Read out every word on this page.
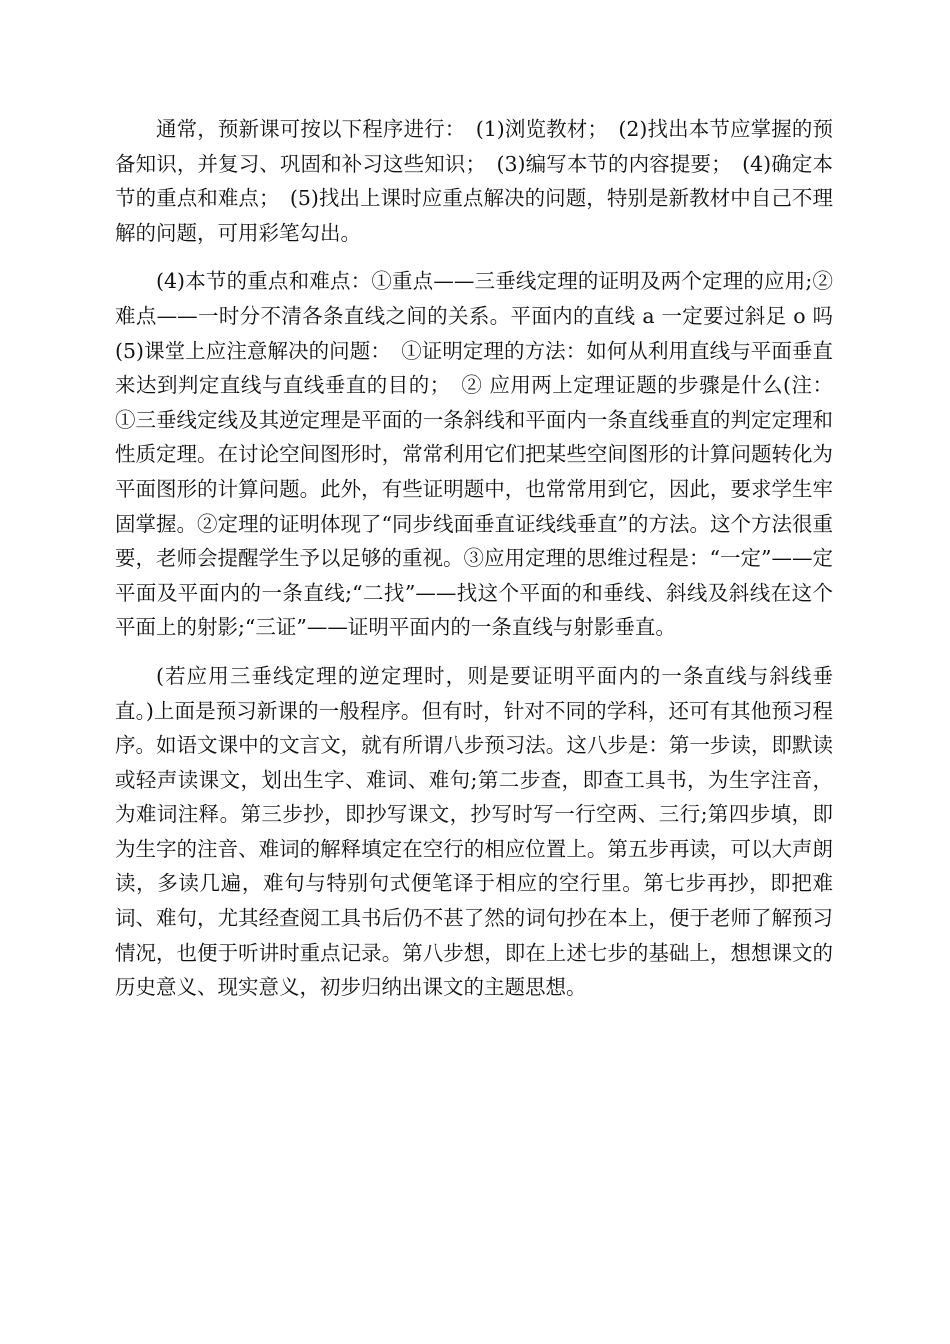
通常，预新课可按以下程序进行：　(1)浏览教材；　(2)找出本节应掌握的预备知识，并复习、巩固和补习这些知识；　(3)编写本节的内容提要；　(4)确定本节的重点和难点；　(5)找出上课时应重点解决的问题，特别是新教材中自己不理解的问题，可用彩笔勾出。

(4)本节的重点和难点：①重点——三垂线定理的证明及两个定理的应用;② 难点——一时分不清各条直线之间的关系。平面内的直线 a 一定要过斜足 o 吗(5)课堂上应注意解决的问题：　①证明定理的方法：如何从利用直线与平面垂直来达到判定直线与直线垂直的目的；　② 应用两上定理证题的步骤是什么(注：①三垂线定线及其逆定理是平面的一条斜线和平面内一条直线垂直的判定定理和性质定理。在讨论空间图形时，常常利用它们把某些空间图形的计算问题转化为平面图形的计算问题。此外，有些证明题中，也常常用到它，因此，要求学生牢固掌握。②定理的证明体现了“同步线面垂直证线线垂直”的方法。这个方法很重要，老师会提醒学生予以足够的重视。③应用定理的思维过程是：“一定”——定平面及平面内的一条直线;“二找”——找这个平面的和垂线、斜线及斜线在这个平面上的射影;“三证”——证明平面内的一条直线与射影垂直。

(若应用三垂线定理的逆定理时，则是要证明平面内的一条直线与斜线垂直。)上面是预习新课的一般程序。但有时，针对不同的学科，还可有其他预习程序。如语文课中的文言文，就有所谓八步预习法。这八步是：第一步读，即默读或轻声读课文，划出生字、难词、难句;第二步查，即查工具书，为生字注音，为难词注释。第三步抄，即抄写课文，抄写时写一行空两、三行;第四步填，即为生字的注音、难词的解释填定在空行的相应位置上。第五步再读，可以大声朗读，多读几遍，难句与特别句式便笔译于相应的空行里。第七步再抄，即把难词、难句，尤其经查阅工具书后仍不甚了然的词句抄在本上，便于老师了解预习情况，也便于听讲时重点记录。第八步想，即在上述七步的基础上，想想课文的历史意义、现实意义，初步归纳出课文的主题思想。
